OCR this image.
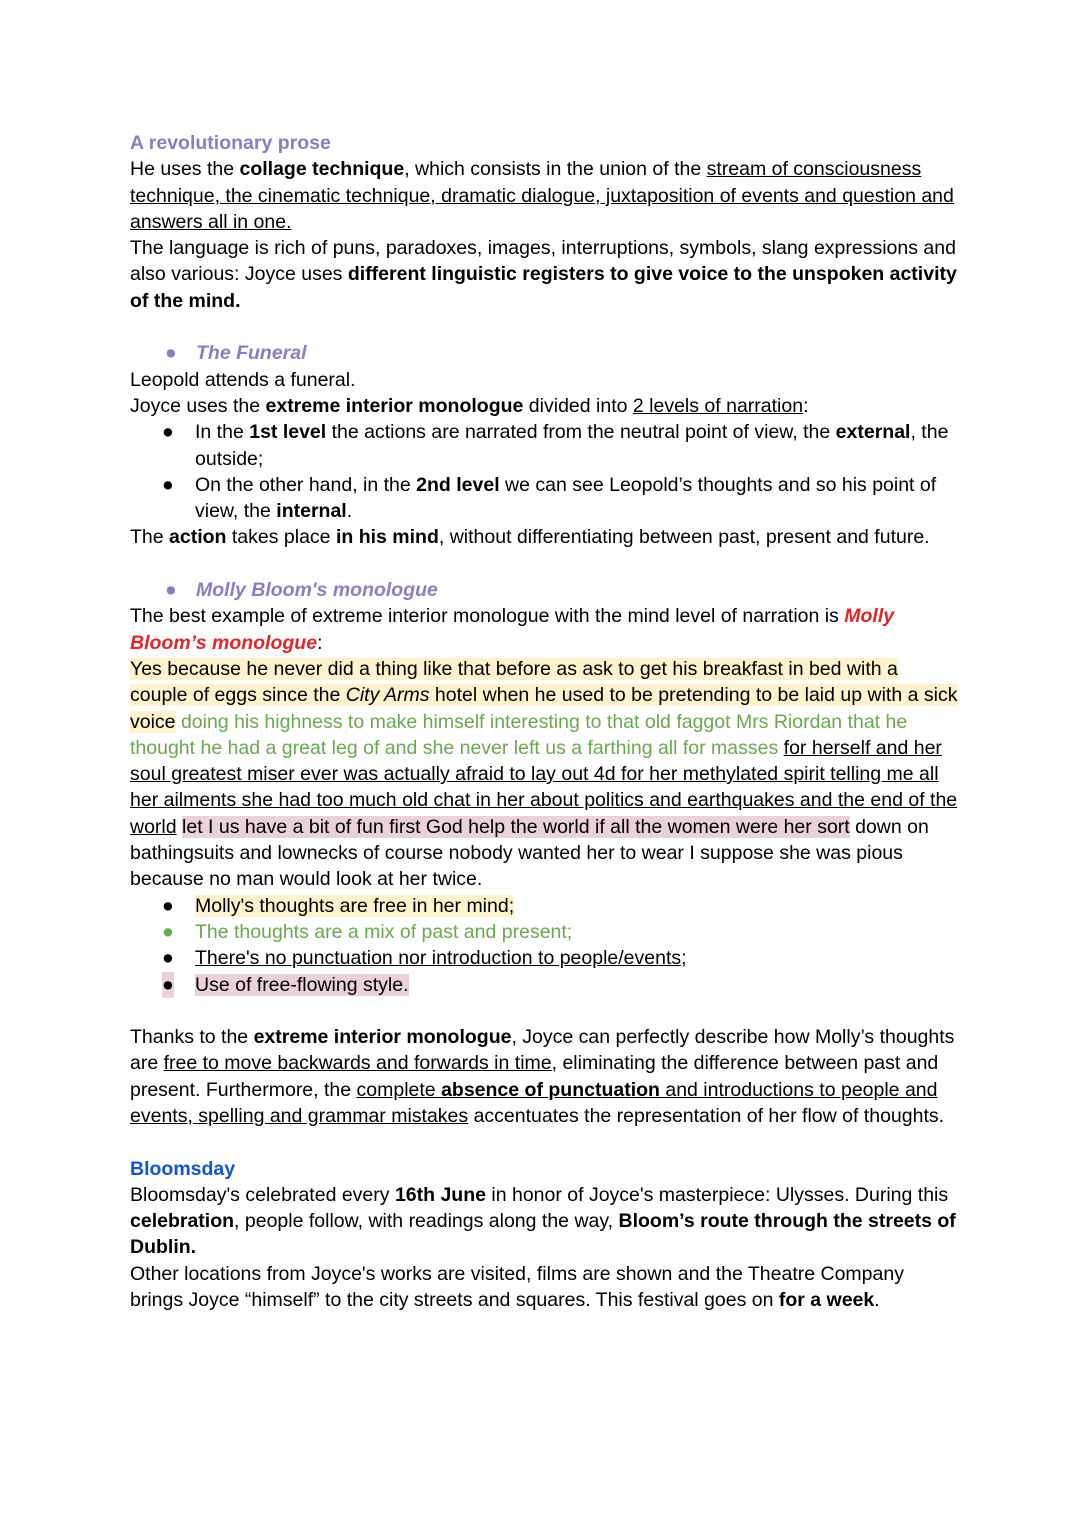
A revolutionary prose

He uses the collage technique, which consists in the union of the stream of consciousness technique, the cinematic technique, dramatic dialogue, juxtaposition of events and question and answers all in one.

The language is rich of puns, paradoxes, images, interruptions, symbols, slang expressions and also various: Joyce uses different linguistic registers to give voice to the unspoken activity of the mind.

● The Funeral

Leopold attends a funeral.

Joyce uses the extreme interior monologue divided into 2 levels of narration:

● In the 1st level the actions are narrated from the neutral point of view, the external, the outside;
● On the other hand, in the 2nd level we can see Leopold’s thoughts and so his point of view, the internal.

The action takes place in his mind, without differentiating between past, present and future.

● Molly Bloom's monologue

The best example of extreme interior monologue with the mind level of narration is Molly Bloom’s monologue:

Yes because he never did a thing like that before as ask to get his breakfast in bed with a couple of eggs since the City Arms hotel when he used to be pretending to be laid up with a sick voice doing his highness to make himself interesting to that old faggot Mrs Riordan that he thought he had a great leg of and she never left us a farthing all for masses for herself and her soul greatest miser ever was actually afraid to lay out 4d for her methylated spirit telling me all her ailments she had too much old chat in her about politics and earthquakes and the end of the world let I us have a bit of fun first God help the world if all the women were her sort down on bathingsuits and lownecks of course nobody wanted her to wear I suppose she was pious because no man would look at her twice.

● Molly's thoughts are free in her mind;
● The thoughts are a mix of past and present;
● There's no punctuation nor introduction to people/events;
● Use of free-flowing style.

Thanks to the extreme interior monologue, Joyce can perfectly describe how Molly’s thoughts are free to move backwards and forwards in time, eliminating the difference between past and present. Furthermore, the complete absence of punctuation and introductions to people and events, spelling and grammar mistakes accentuates the representation of her flow of thoughts.

Bloomsday

Bloomsday's celebrated every 16th June in honor of Joyce's masterpiece: Ulysses. During this celebration, people follow, with readings along the way, Bloom’s route through the streets of Dublin.

Other locations from Joyce's works are visited, films are shown and the Theatre Company brings Joyce “himself” to the city streets and squares. This festival goes on for a week.
